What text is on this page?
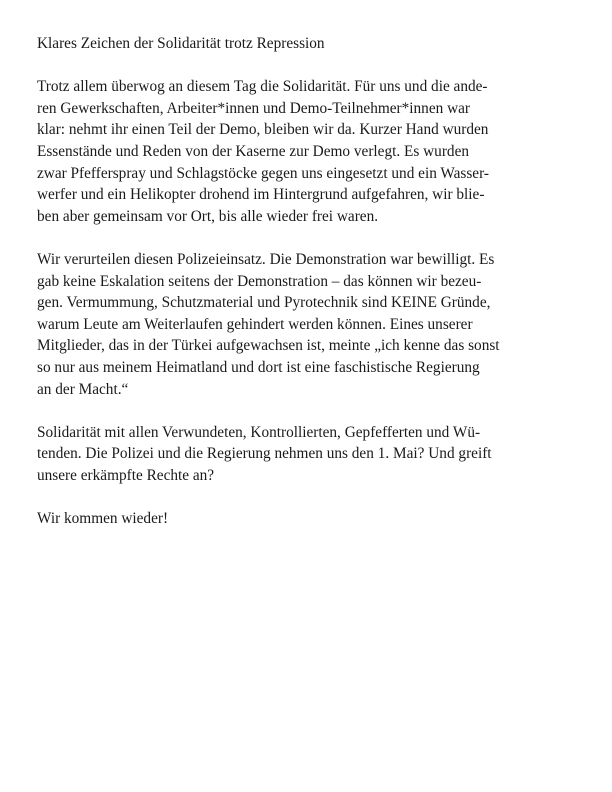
Klares Zeichen der Solidarität trotz Repression
Trotz allem überwog an diesem Tag die Solidarität. Für uns und die ande-
ren Gewerkschaften, Arbeiter*innen und Demo-Teilnehmer*innen war
klar: nehmt ihr einen Teil der Demo, bleiben wir da. Kurzer Hand wurden
Essenstände und Reden von der Kaserne zur Demo verlegt. Es wurden
zwar Pfefferspray und Schlagstöcke gegen uns eingesetzt und ein Wasser-
werfer und ein Helikopter drohend im Hintergrund aufgefahren, wir blie-
ben aber gemeinsam vor Ort, bis alle wieder frei waren.
Wir verurteilen diesen Polizeieinsatz. Die Demonstration war bewilligt. Es
gab keine Eskalation seitens der Demonstration – das können wir bezeu-
gen. Vermummung, Schutzmaterial und Pyrotechnik sind KEINE Gründe,
warum Leute am Weiterlaufen gehindert werden können. Eines unserer
Mitglieder, das in der Türkei aufgewachsen ist, meinte „ich kenne das sonst
so nur aus meinem Heimatland und dort ist eine faschistische Regierung
an der Macht.“
Solidarität mit allen Verwundeten, Kontrollierten, Gepfefferten und Wü-
tenden. Die Polizei und die Regierung nehmen uns den 1. Mai? Und greift
unsere erkämpfte Rechte an?
Wir kommen wieder!
